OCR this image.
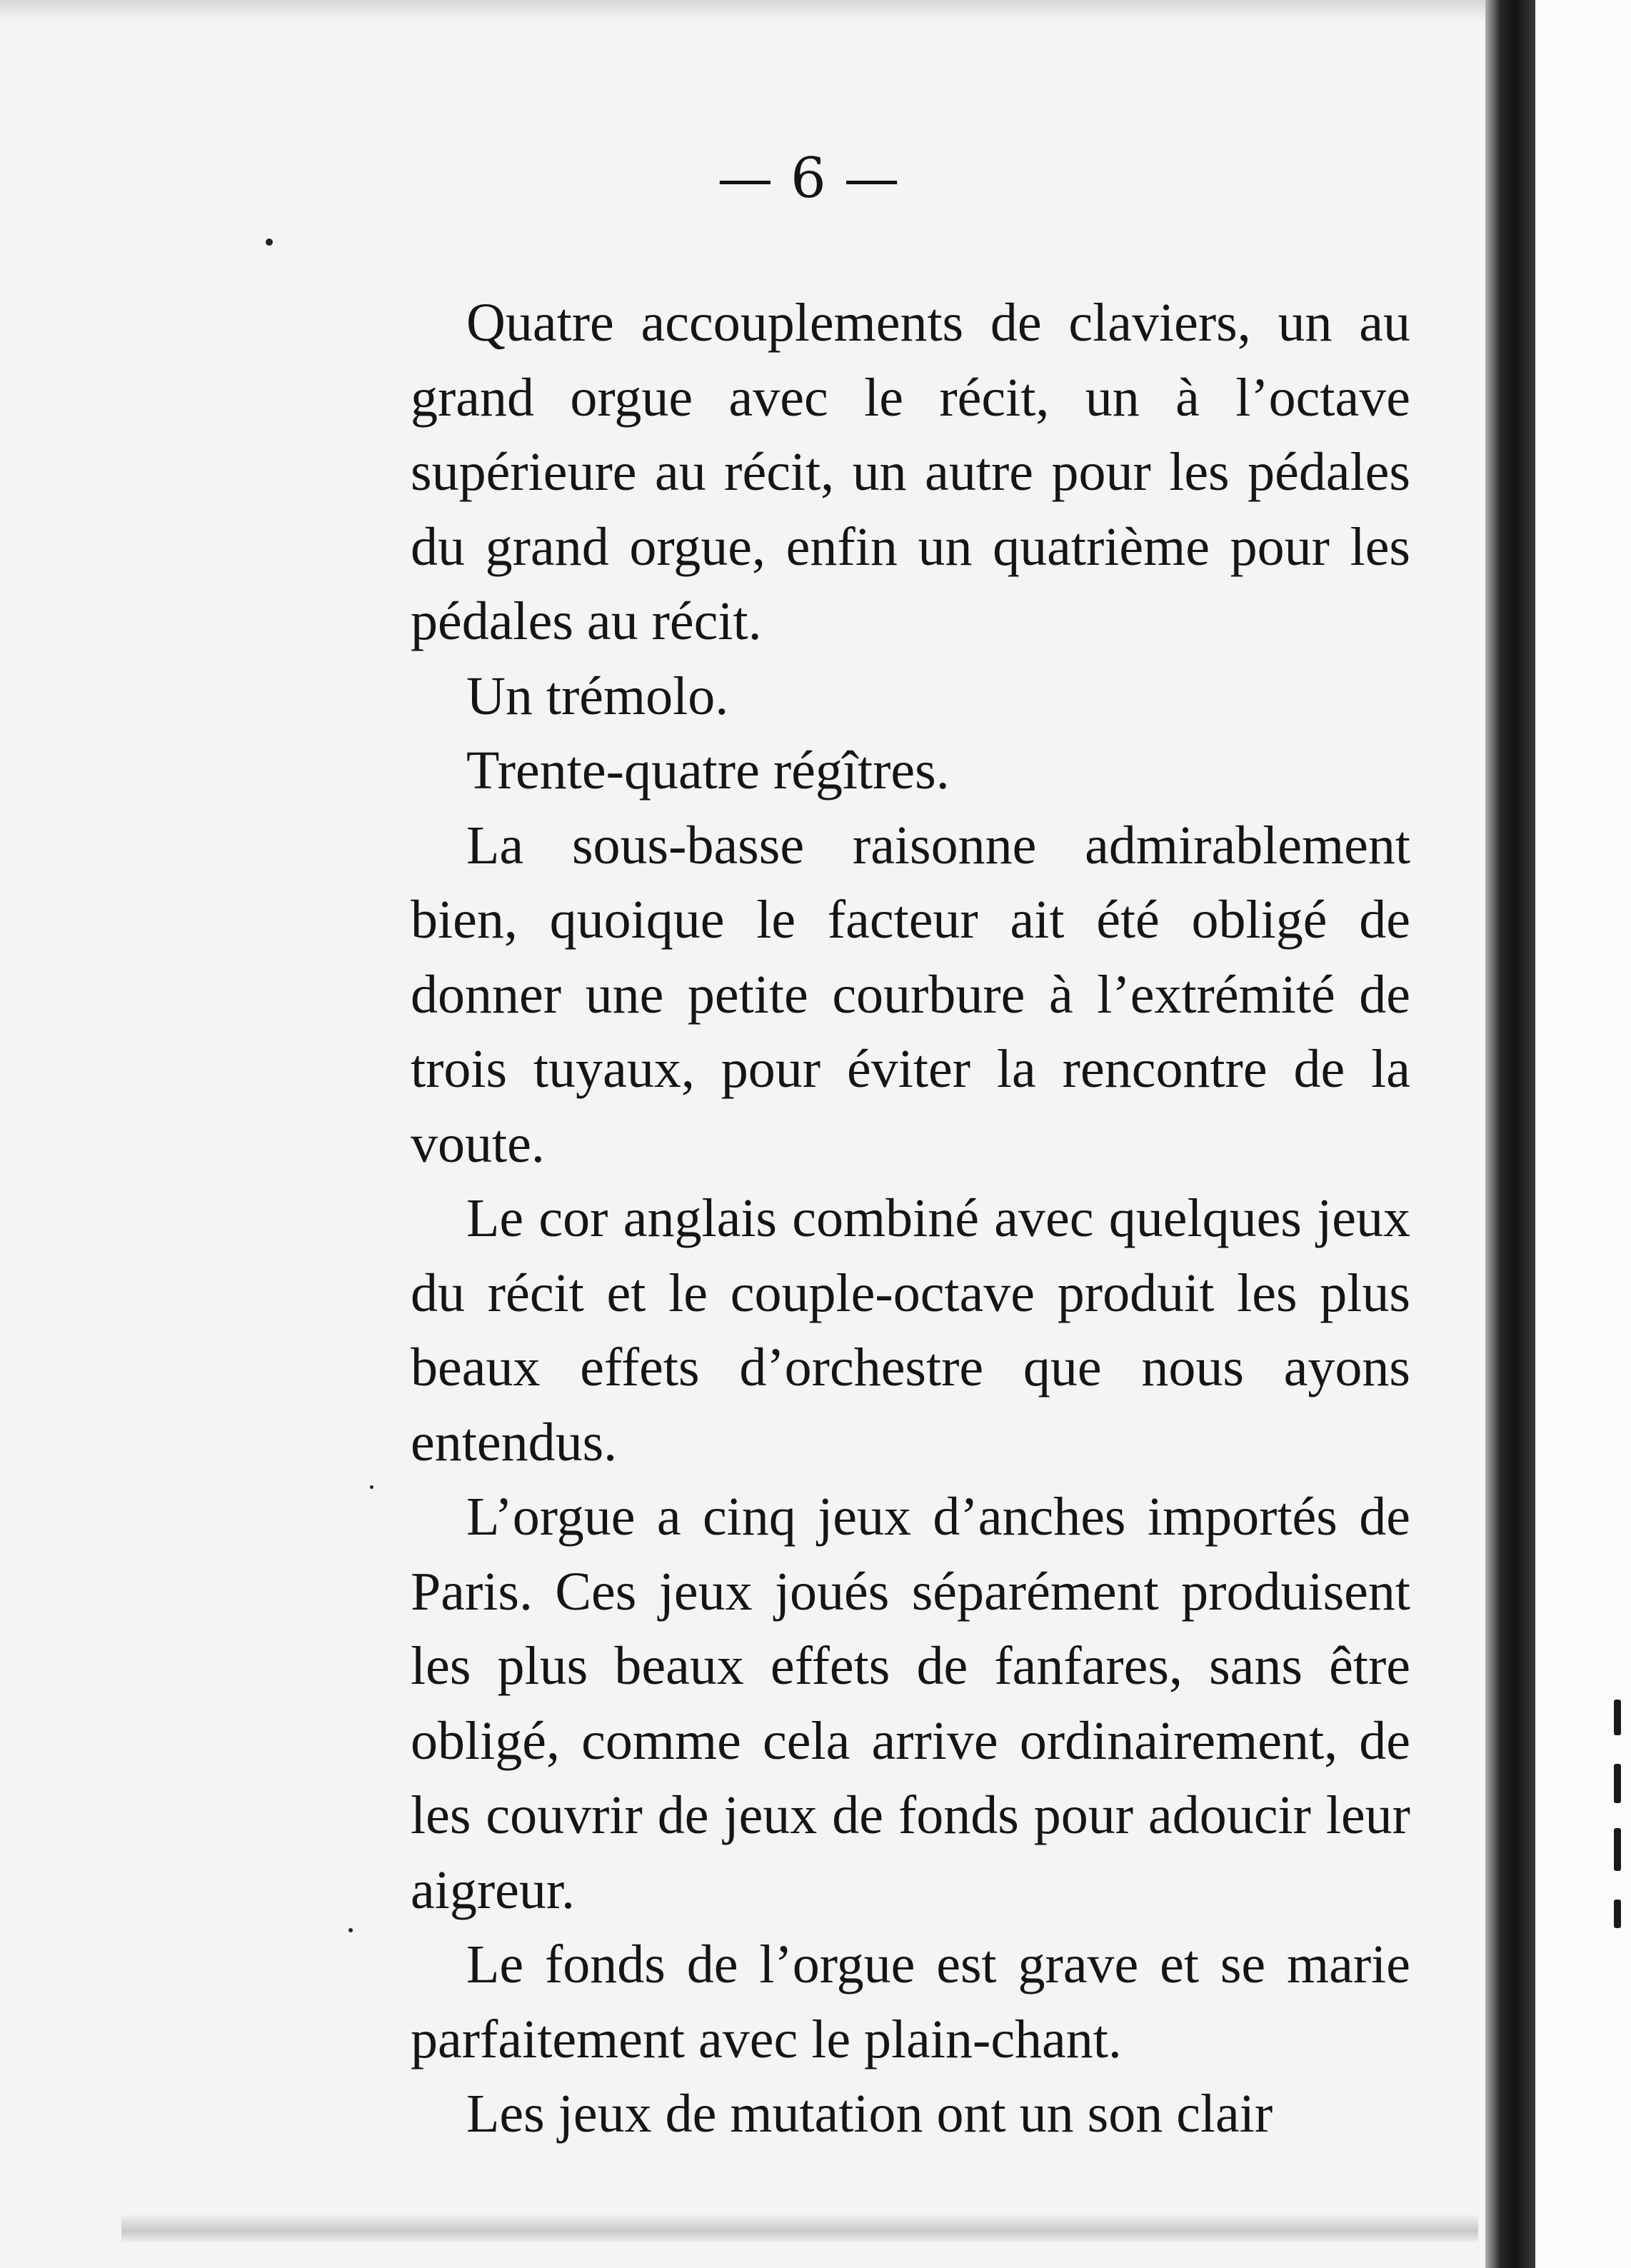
— 6 —

Quatre accouplements de claviers, un au grand orgue avec le récit, un à l’octave supérieure au récit, un autre pour les pédales du grand orgue, enfin un quatrième pour les pédales au récit.

Un trémolo.

Trente-quatre régîtres.

La sous-basse raisonne admirablement bien, quoique le facteur ait été obligé de donner une petite courbure à l’extrémité de trois tuyaux, pour éviter la rencontre de la voute.

Le cor anglais combiné avec quelques jeux du récit et le couple-octave produit les plus beaux effets d’orchestre que nous ayons entendus.

L’orgue a cinq jeux d’anches importés de Paris. Ces jeux joués séparément produisent les plus beaux effets de fanfares, sans être obligé, comme cela arrive ordinairement, de les couvrir de jeux de fonds pour adoucir leur aigreur.

Le fonds de l’orgue est grave et se marie parfaitement avec le plain-chant.

Les jeux de mutation ont un son clair
